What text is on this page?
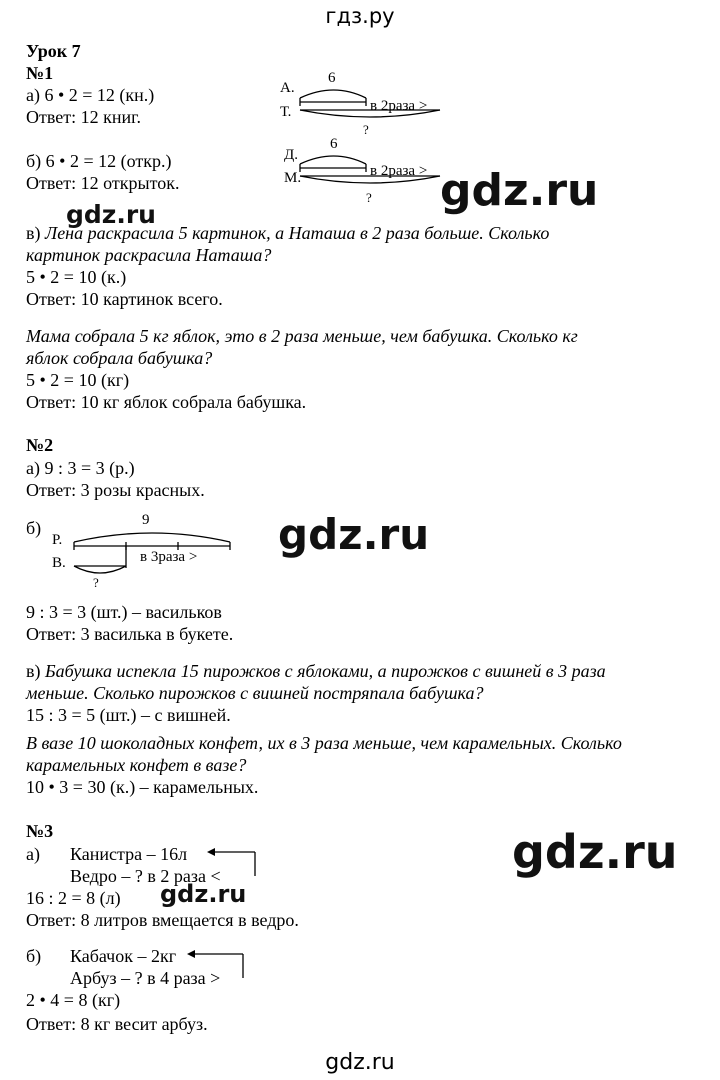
гдз.ру
Урок 7
№1
а) 6 • 2 = 12 (кн.)
Ответ: 12 книг.
А.
Т.
6
в 2раза >
?
б) 6 • 2 = 12 (откр.)
Ответ: 12 открыток.
Д.
М.
6
в 2раза >
? gdz.ru
gdz.ru
в) Лена раскрасила 5 картинок, а Наташа в 2 раза больше. Сколько
картинок раскрасила Наташа?
5 • 2 = 10 (к.)
Ответ: 10 картинок всего.
Мама собрала 5 кг яблок, это в 2 раза меньше, чем бабушка. Сколько кг
яблок собрала бабушка?
5 • 2 = 10 (кг)
Ответ: 10 кг яблок собрала бабушка.
№2
а) 9 : 3 = 3 (р.)
Ответ: 3 розы красных.
б)
Р.
В.
9
в 3раза >
?
gdz.ru
9 : 3 = 3 (шт.) – васильков
Ответ: 3 василька в букете.
в) Бабушка испекла 15 пирожков с яблоками, а пирожков с вишней в 3 раза
меньше. Сколько пирожков с вишней постряпала бабушка?
15 : 3 = 5 (шт.) – с вишней.
В вазе 10 шоколадных конфет, их в 3 раза меньше, чем карамельных. Сколько
карамельных конфет в вазе?
10 • 3 = 30 (к.) – карамельных.
№3
а) Канистра – 16л
Ведро – ? в 2 раза <
gdz.ru
16 : 2 = 8 (л)
Ответ: 8 литров вмещается в ведро.
gdz.ru
б) Кабачок – 2кг
Арбуз – ? в 4 раза >
2 • 4 = 8 (кг)
Ответ: 8 кг весит арбуз.
gdz.ru
